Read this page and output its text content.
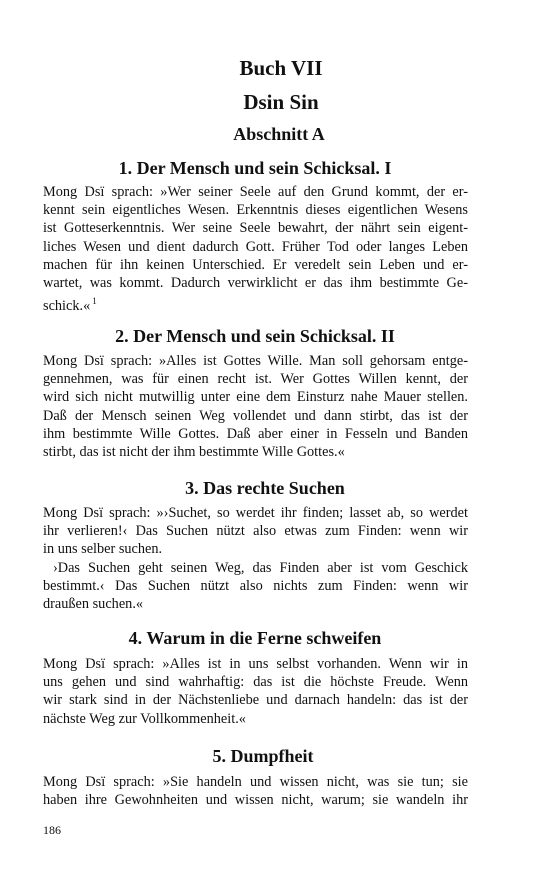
Buch VII
Dsin Sin
Abschnitt A
1. Der Mensch und sein Schicksal. I
Mong Dsï sprach: »Wer seiner Seele auf den Grund kommt, der er-
kennt sein eigentliches Wesen. Erkenntnis dieses eigentlichen Wesens
ist Gotteserkenntnis. Wer seine Seele bewahrt, der nährt sein eigent-
liches Wesen und dient dadurch Gott. Früher Tod oder langes Leben
machen für ihn keinen Unterschied. Er veredelt sein Leben und er-
wartet, was kommt. Dadurch verwirklicht er das ihm bestimmte Ge-
schick.« $^1$
2. Der Mensch und sein Schicksal. II
Mong Dsï sprach: »Alles ist Gottes Wille. Man soll gehorsam entge-
gennehmen, was für einen recht ist. Wer Gottes Willen kennt, der
wird sich nicht mutwillig unter eine dem Einsturz nahe Mauer stellen.
Daß der Mensch seinen Weg vollendet und dann stirbt, das ist der
ihm bestimmte Wille Gottes. Daß aber einer in Fesseln und Banden
stirbt, das ist nicht der ihm bestimmte Wille Gottes.«
3. Das rechte Suchen
Mong Dsï sprach: »›Suchet, so werdet ihr finden; lasset ab, so werdet
ihr verlieren!‹ Das Suchen nützt also etwas zum Finden: wenn wir
in uns selber suchen.
›Das Suchen geht seinen Weg, das Finden aber ist vom Geschick
bestimmt.‹ Das Suchen nützt also nichts zum Finden: wenn wir
draußen suchen.«
4. Warum in die Ferne schweifen
Mong Dsï sprach: »Alles ist in uns selbst vorhanden. Wenn wir in
uns gehen und sind wahrhaftig: das ist die höchste Freude. Wenn
wir stark sind in der Nächstenliebe und darnach handeln: das ist der
nächste Weg zur Vollkommenheit.«
5. Dumpfheit
Mong Dsï sprach: »Sie handeln und wissen nicht, was sie tun; sie
haben ihre Gewohnheiten und wissen nicht, warum; sie wandeln ihr
186
